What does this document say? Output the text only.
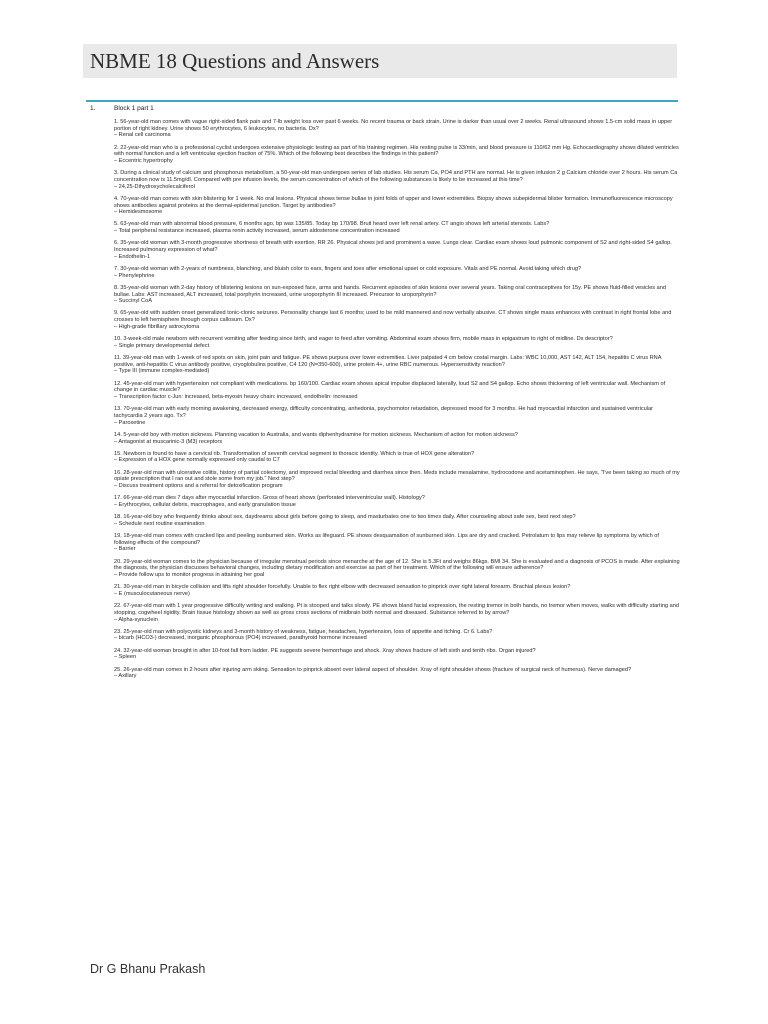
NBME 18 Questions and Answers
1.	Block 1 part 1
1. 56-year-old man comes with vague right-sided flank pain and 7-lb weight loss over past 6 weeks. No recent trauma or back strain. Urine is darker than usual over 2 weeks. Renal ultrasound shows 1.5-cm solid mass in upper portion of right kidney. Urine shows 50 erythrocytes, 6 leukocytes, no bacteria. Dx?
– Renal cell carcinoma
2. 22-year-old man who is a professional cyclist undergoes extensive physiologic testing as part of his training regimen. His resting pulse is 33/min, and blood pressure is 110/62 mm Hg. Echocardiography shows dilated ventricles with normal function and a left ventricular ejection fraction of 75%. Which of the following best describes the findings in this patient?
– Eccentric hypertrophy
3. During a clinical study of calcium and phosphorus metabolism, a 50-year-old man undergoes series of lab studies. His serum Ca, PO4 and PTH are normal. He is given infusion 2 g Calcium chloride over 2 hours. His serum Ca concentration now is 11.5mg/dl. Compared with pre infusion levels, the serum concentration of which of the following substances is likely to be increased at this time?
– 24,25-Dihydroxycholecalciferol
4. 70-year-old man comes with skin blistering for 1 week. No oral lesions. Physical shows tense bullae in joint folds of upper and lower extremities. Biopsy shows subepidermal blister formation. Immunofluorescence microscopy shows antibodies against proteins at the dermal-epidermal junction. Target by antibodies?
– Hemidesmosome
5. 63-year-old man with abnormal blood pressure, 6 months ago, bp was 135/85. Today bp 170/98. Bruit heard over left renal artery. CT angio shows left arterial stenosis. Labs?
– Total peripheral resistance increased, plasma renin activity increased, serum aldosterone concentration increased
6. 35-year-old woman with 3-month progressive shortness of breath with exertion. RR 26. Physical shows jvd and prominent a wave. Lungs clear. Cardiac exam shows loud pulmonic component of S2 and right-sided S4 gallop. Increased pulmonary expression of what?
– Endothelin-1
7. 30-year-old woman with 2-years of numbness, blanching, and bluish color to ears, fingers and toes after emotional upset or cold exposure. Vitals and PE normal. Avoid taking which drug?
– Phenylephrine
8. 35-year-old woman with 2-day history of blistering lesions on sun-exposed face, arms and hands. Recurrent episodes of skin lesions over several years. Taking oral contraceptives for 15y. PE shows fluid-filled vesicles and bullae. Labs: AST increased, ALT increased, total porphyrin increased, urine uroporphyrin III increased. Precursor to uroporphyrin?
– Succinyl CoA
9. 65-year-old with sudden onset generalized tonic-clonic seizures. Personality change last 6 months; used to be mild mannered and now verbally abusive. CT shows single mass enhances with contrast in right frontal lobe and crosses to left hemisphere through corpus callosum. Dx?
– High-grade fibrillary astrocytoma
10. 3-week-old male newborn with recurrent vomiting after feeding since birth, and eager to feed after vomiting. Abdominal exam shows firm, mobile mass in epigastrum to right of midline. Dx descriptor?
– Single primary developmental defect
11. 39-year-old man with 1-week of red spots on skin, joint pain and fatigue. PE shows purpura over lower extremities. Liver palpated 4 cm below costal margin. Labs: WBC 10,000, AST 142, ALT 154, hepatitis C virus RNA positive, anti-hepatitis C virus antibody positive, cryoglobulins positive, C4 120 (N=350-600), urine protein 4+, urine RBC numerous. Hypersensitivity reaction?
– Type III (immune complex-mediated)
12. 45-year-old man with hypertension not compliant with medications. bp 160/100. Cardiac exam shows apical impulse displaced laterally, loud S2 and S4 gallop. Echo shows thickening of left ventricular wall. Mechanism of change in cardiac muscle?
– Transcription factor c-Jun: increased, beta-myosin heavy chain: increased, endothelin: increased
13. 70-year-old man with early morning awakening, decreased energy, difficulty concentrating, anhedonia, psychomotor retardation, depressed mood for 3 months. He had myocardial infarction and sustained ventricular tachycardia 2 years ago. Tx?
– Paroxetine
14. 5-year-old boy with motion sickness. Planning vacation to Australia, and wants diphenhydramine for motion sickness. Mechanism of action for motion sickness?
– Antagonist at muscarinic-3 (M3) receptors
15. Newborn is found to have a cervical rib. Transformation of seventh cervical segment to thoracic identity. Which is true of HOX gene alteration?
– Expression of a HOX gene normally expressed only caudal to C7
16. 28-year-old man with ulcerative colitis, history of partial colectomy, and improved rectal bleeding and diarrhea since then. Meds include mesalamine, hydrocodone and acetaminophen. He says, "I've been taking so much of my opiate prescription that I ran out and stole some from my job." Next step?
– Discuss treatment options and a referral for detoxification program
17. 66-year-old man dies 7 days after myocardial infarction. Gross of heart shows (perforated interventricular wall). Histology?
– Erythrocytes, cellular debris, macrophages, and early granulation tissue
18. 16-year-old boy who frequently thinks about sex, daydreams about girls before going to sleep, and masturbates one to two times daily. After counseling about safe sex, best next step?
– Schedule next routine examination
19. 18-year-old man comes with cracked lips and peeling sunburned skin. Works as lifeguard. PE shows desquamation of sunburned skin. Lips are dry and cracked. Petrolatum to lips may relieve lip symptoms by which of following effects of the compound?
– Barrier
20. 29-year-old woman comes to the physician because of irregular menstrual periods since menarche at the age of 12. She is 5.3Ft and weighs 86kgs. BMI 34. She is evaluated and a diagnosis of PCOS is made. After explaining the diagnosis, the physician discusses behavioral changes, including dietary modification and exercise as part of her treatment. Which of the following will ensure adherence?
– Provide follow ups to monitor progress in attaining her goal
21. 30-year-old man in bicycle collision and lifts right shoulder forcefully. Unable to flex right elbow with decreased sensation to pinprick over right lateral forearm. Brachial plexus lesion?
– E (musculocutaneous nerve)
22. 67-year-old man with 1 year progressive difficulty writing and walking. Pt is stooped and talks slowly. PE shows bland facial expression, the resting tremor in both hands, no tremor when moves, walks with difficulty starting and stopping, cogwheel rigidity. Brain tissue histology shown as well as gross cross sections of midbrain both normal and diseased. Substance referred to by arrow?
– Alpha-synuclein
23. 25-year-old man with polycystic kidneys and 3-month history of weakness, fatigue, headaches, hypertension, loss of appetite and itching. Cr 6. Labs?
– bicarb (HCO3-) decreased, inorganic phosphorous (PO4) increased, parathyroid hormone increased
24. 32-year-old woman brought in after 10-foot fall from ladder. PE suggests severe hemorrhage and shock. Xray shows fracture of left sixth and tenth ribs. Organ injured?
– Spleen
25. 26-year-old man comes in 2 hours after injuring arm skiing. Sensation to pinprick absent over lateral aspect of shoulder. Xray of right shoulder shows (fracture of surgical neck of humerus). Nerve damaged?
– Axillary
Dr G Bhanu Prakash
